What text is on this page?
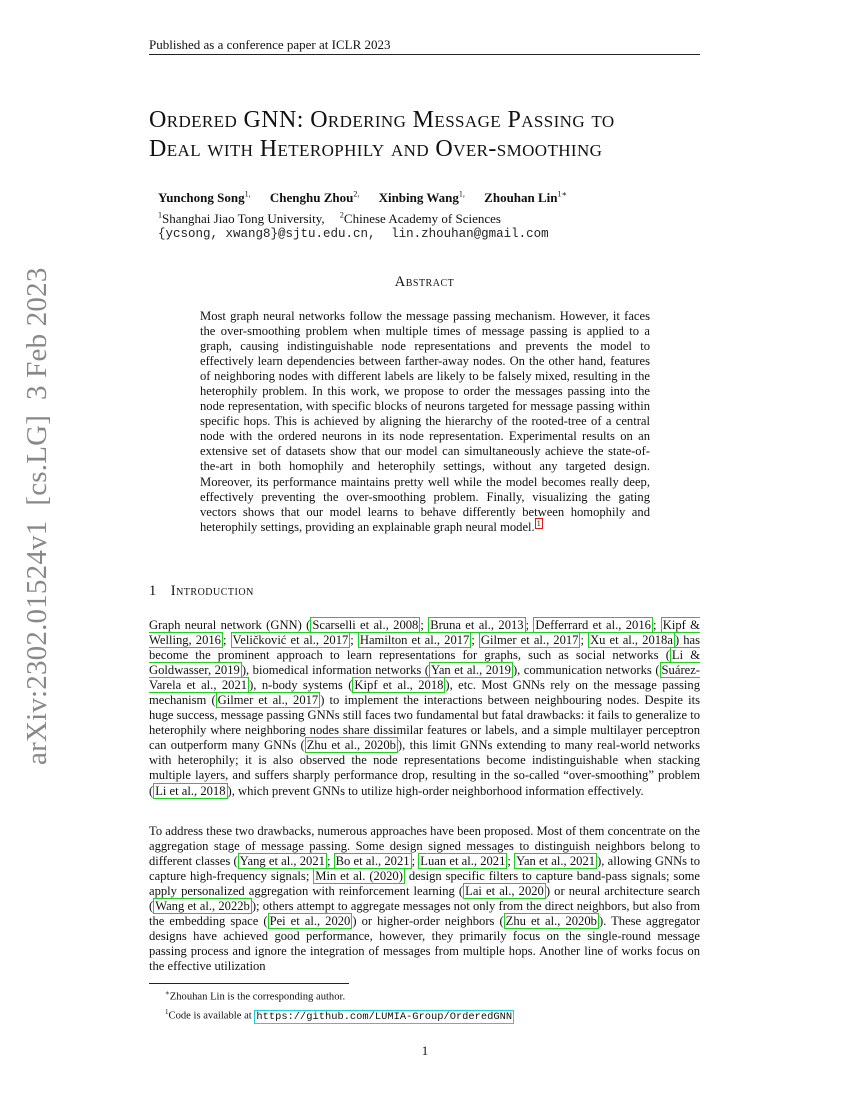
Published as a conference paper at ICLR 2023
Ordered GNN: Ordering Message Passing to
Deal with Heterophily and Over-smoothing
Yunchong Song$^{1,}$ Chenghu Zhou$^{2,}$ Xinbing Wang$^{1,}$ Zhouhan Lin$^{1∗}$
$^1$Shanghai Jiao Tong University, $^2$Chinese Academy of Sciences
{ycsong, xwang8}@sjtu.edu.cn, lin.zhouhan@gmail.com
Abstract

Most graph neural networks follow the message passing mechanism. However, it faces the over-smoothing problem when multiple times of message passing is applied to a graph, causing indistinguishable node representations and prevents the model to effectively learn dependencies between farther-away nodes. On the other hand, features of neighboring nodes with different labels are likely to be falsely mixed, resulting in the heterophily problem. In this work, we propose to order the messages passing into the node representation, with specific blocks of neurons targeted for message passing within specific hops. This is achieved by aligning the hierarchy of the rooted-tree of a central node with the ordered neurons in its node representation. Experimental results on an extensive set of datasets show that our model can simultaneously achieve the state-of-the-art in both homophily and heterophily settings, without any targeted design. Moreover, its performance maintains pretty well while the model becomes really deep, effectively preventing the over-smoothing problem. Finally, visualizing the gating vectors shows that our model learns to behave differently between homophily and heterophily settings, providing an explainable graph neural model. $^1$

1 Introduction

Graph neural network (GNN) ( Scarselli et al., 2008 ; Bruna et al., 2013 ; Defferrard et al., 2016 ; Kipf & Welling, 2016 ; Veličković et al., 2017 ; Hamilton et al., 2017 ; Gilmer et al., 2017 ; Xu et al., 2018a ) has become the prominent approach to learn representations for graphs, such as social networks ( Li & Goldwasser, 2019 ), biomedical information networks ( Yan et al., 2019 ), communication networks ( Suárez-Varela et al., 2021 ), n-body systems ( Kipf et al., 2018 ), etc. Most GNNs rely on the message passing mechanism ( Gilmer et al., 2017 ) to implement the interactions between neighbouring nodes. Despite its huge success, message passing GNNs still faces two fundamental but fatal drawbacks: it fails to generalize to heterophily where neighboring nodes share dissimilar features or labels, and a simple multilayer perceptron can outperform many GNNs ( Zhu et al., 2020b ), this limit GNNs extending to many real-world networks with heterophily; it is also observed the node representations become indistinguishable when stacking multiple layers, and suffers sharply performance drop, resulting in the so-called “over-smoothing” problem ( Li et al., 2018 ), which prevent GNNs to utilize high-order neighborhood information effectively.

To address these two drawbacks, numerous approaches have been proposed. Most of them concentrate on the aggregation stage of message passing. Some design signed messages to distinguish neighbors belong to different classes ( Yang et al., 2021 ; Bo et al., 2021 ; Luan et al., 2021 ; Yan et al., 2021 ), allowing GNNs to capture high-frequency signals; Min et al. (2020) design specific filters to capture band-pass signals; some apply personalized aggregation with reinforcement learning ( Lai et al., 2020 ) or neural architecture search ( Wang et al., 2022b ); others attempt to aggregate messages not only from the direct neighbors, but also from the embedding space ( Pei et al., 2020 ) or higher-order neighbors ( Zhu et al., 2020b ). These aggregator designs have achieved good performance, however, they primarily focus on the single-round message passing process and ignore the integration of messages from multiple hops. Another line of works focus on the effective utilization

∗Zhouhan Lin is the corresponding author.
$^1$Code is available at https://github.com/LUMIA-Group/OrderedGNN
1
arXiv:2302.01524v1  [cs.LG]  3 Feb 2023
